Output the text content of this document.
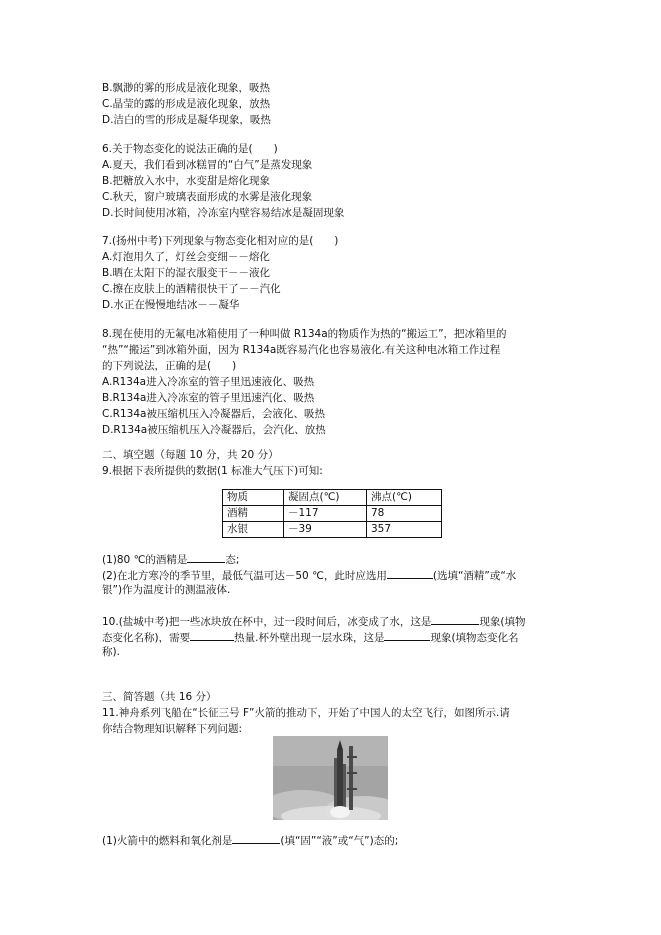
B.飘渺的雾的形成是液化现象，吸热
C.晶莹的露的形成是液化现象，放热
D.洁白的雪的形成是凝华现象，吸热
6.关于物态变化的说法正确的是(　　)
A.夏天，我们看到冰糕冒的“白气”是蒸发现象
B.把糖放入水中，水变甜是熔化现象
C.秋天，窗户玻璃表面形成的水雾是液化现象
D.长时间使用冰箱，冷冻室内壁容易结冰是凝固现象
7.(扬州中考)下列现象与物态变化相对应的是(　　)
A.灯泡用久了，灯丝会变细－－熔化
B.晒在太阳下的湿衣服变干－－液化
C.擦在皮肤上的酒精很快干了－－汽化
D.水正在慢慢地结冰－－凝华
8.现在使用的无氟电冰箱使用了一种叫做 R134a的物质作为热的“搬运工”，把冰箱里的
“热”“搬运”到冰箱外面，因为 R134a既容易汽化也容易液化.有关这种电冰箱工作过程
的下列说法，正确的是(　　)
A.R134a进入冷冻室的管子里迅速液化、吸热
B.R134a进入冷冻室的管子里迅速汽化、吸热
C.R134a被压缩机压入冷凝器后，会液化、吸热
D.R134a被压缩机压入冷凝器后，会汽化、放热
二、填空题（每题 10 分，共 20 分）
9.根据下表所提供的数据(1 标准大气压下)可知:
物质	凝固点(℃)	沸点(℃)
酒精	－117	78
水银	－39	357
(1)80 ℃的酒精是	态;
(2)在北方寒冷的季节里，最低气温可达－50 ℃，此时应选用	(选填“酒精”或“水
银”)作为温度计的测温液体.
10.(盐城中考)把一些冰块放在杯中，过一段时间后，冰变成了水，这是	现象(填物
态变化名称)，需要	热量.杯外壁出现一层水珠，这是	现象(填物态变化名
称).
三、简答题（共 16 分）
11.神舟系列飞船在“长征三号 F”火箭的推动下，开始了中国人的太空飞行，如图所示.请
你结合物理知识解释下列问题:
(1)火箭中的燃料和氧化剂是	(填“固”“液”或“气”)态的;
